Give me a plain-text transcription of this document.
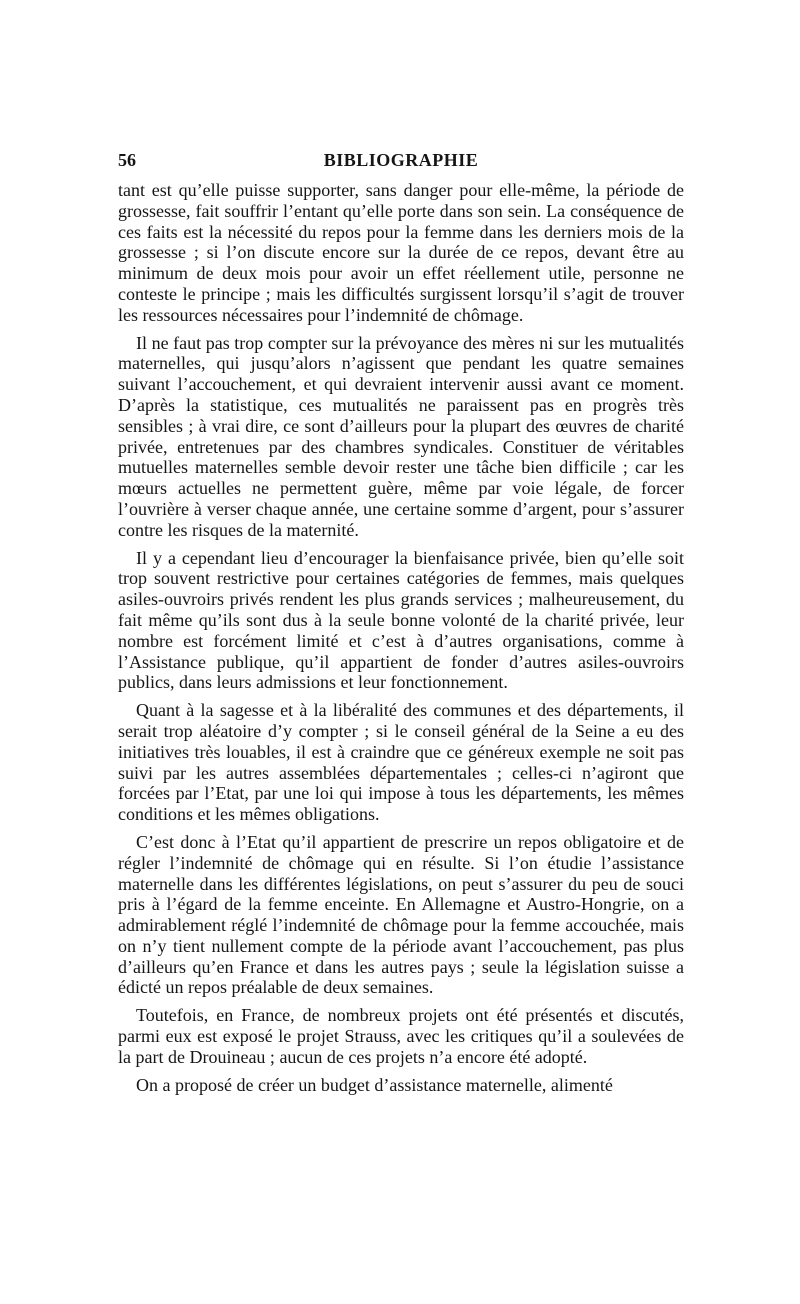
56	BIBLIOGRAPHIE

tant est qu’elle puisse supporter, sans danger pour elle-même, la période de grossesse, fait souffrir l’entant qu’elle porte dans son sein. La conséquence de ces faits est la nécessité du repos pour la femme dans les derniers mois de la grossesse ; si l’on discute encore sur la durée de ce repos, devant être au minimum de deux mois pour avoir un effet réellement utile, personne ne conteste le principe ; mais les difficultés surgissent lorsqu’il s’agit de trouver les ressources nécessaires pour l’indemnité de chômage.

Il ne faut pas trop compter sur la prévoyance des mères ni sur les mutualités maternelles, qui jusqu’alors n’agissent que pendant les quatre semaines suivant l’accouchement, et qui devraient intervenir aussi avant ce moment. D’après la statistique, ces mutualités ne paraissent pas en progrès très sensibles ; à vrai dire, ce sont d’ailleurs pour la plupart des œuvres de charité privée, entretenues par des chambres syndicales. Constituer de véritables mutuelles maternelles semble devoir rester une tâche bien difficile ; car les mœurs actuelles ne permettent guère, même par voie légale, de forcer l’ouvrière à verser chaque année, une certaine somme d’argent, pour s’assurer contre les risques de la maternité.

Il y a cependant lieu d’encourager la bienfaisance privée, bien qu’elle soit trop souvent restrictive pour certaines catégories de femmes, mais quelques asiles-ouvroirs privés rendent les plus grands services ; malheureusement, du fait même qu’ils sont dus à la seule bonne volonté de la charité privée, leur nombre est forcément limité et c’est à d’autres organisations, comme à l’Assistance publique, qu’il appartient de fonder d’autres asiles-ouvroirs publics, dans leurs admissions et leur fonctionnement.

Quant à la sagesse et à la libéralité des communes et des départements, il serait trop aléatoire d’y compter ; si le conseil général de la Seine a eu des initiatives très louables, il est à craindre que ce généreux exemple ne soit pas suivi par les autres assemblées départementales ; celles-ci n’agiront que forcées par l’Etat, par une loi qui impose à tous les départements, les mêmes conditions et les mêmes obligations.

C’est donc à l’Etat qu’il appartient de prescrire un repos obligatoire et de régler l’indemnité de chômage qui en résulte. Si l’on étudie l’assistance maternelle dans les différentes législations, on peut s’assurer du peu de souci pris à l’égard de la femme enceinte. En Allemagne et Austro-Hongrie, on a admirablement réglé l’indemnité de chômage pour la femme accouchée, mais on n’y tient nullement compte de la période avant l’accouchement, pas plus d’ailleurs qu’en France et dans les autres pays ; seule la législation suisse a édicté un repos préalable de deux semaines.

Toutefois, en France, de nombreux projets ont été présentés et discutés, parmi eux est exposé le projet Strauss, avec les critiques qu’il a soulevées de la part de Drouineau ; aucun de ces projets n’a encore été adopté.

On a proposé de créer un budget d’assistance maternelle, alimenté
